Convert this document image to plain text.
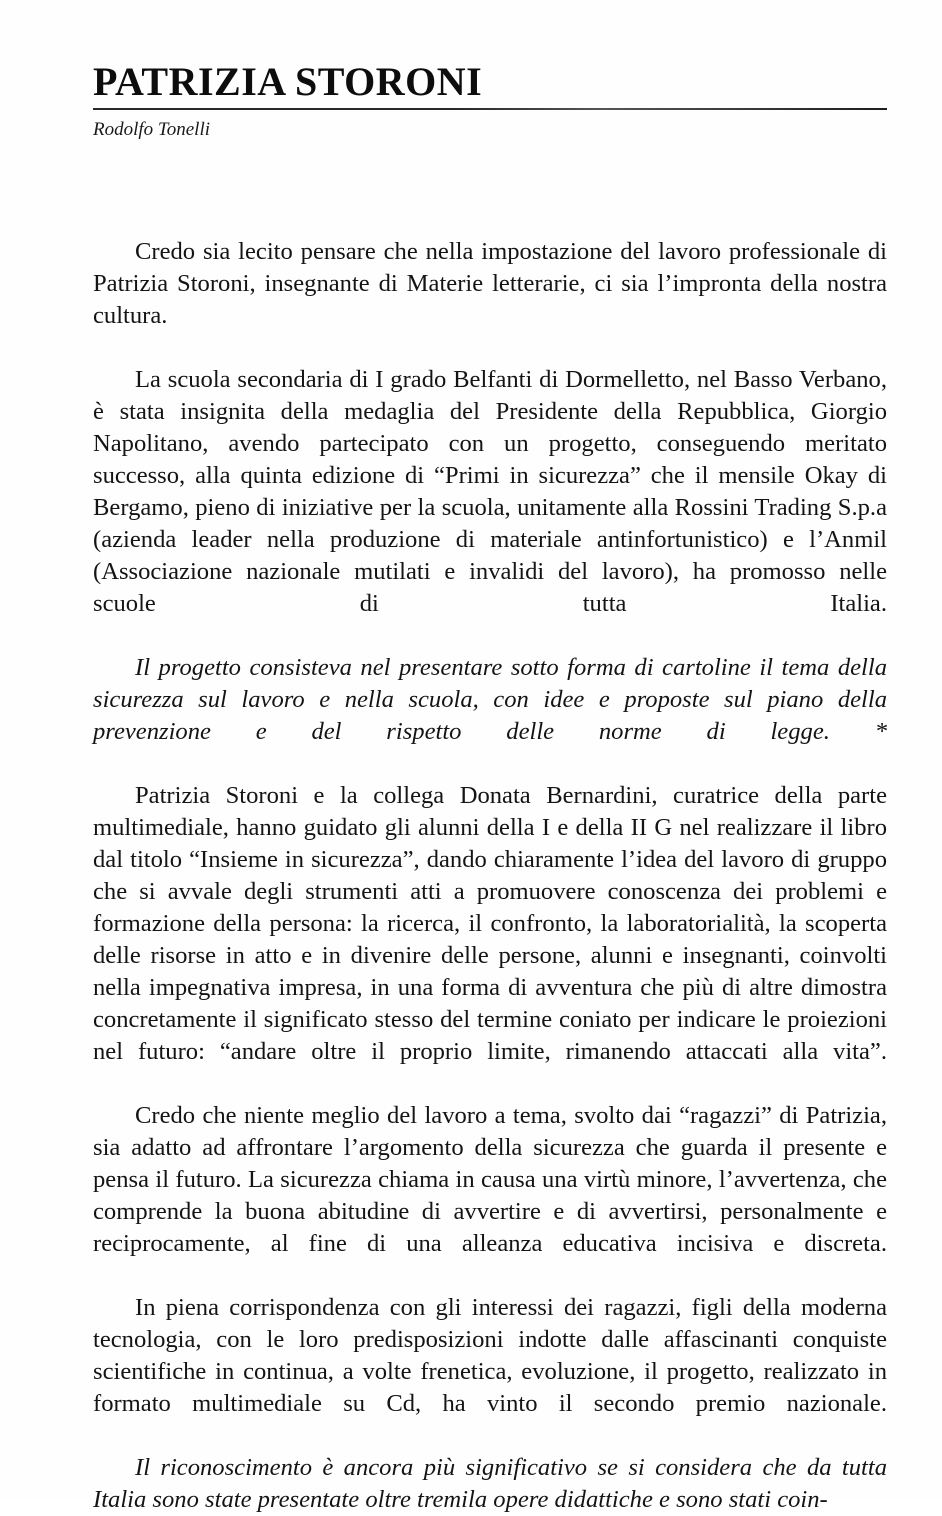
PATRIZIA STORONI

Rodolfo Tonelli

Credo sia lecito pensare che nella impostazione del lavoro professionale di Patrizia Storoni, insegnante di Materie letterarie, ci sia l’impronta della nostra cultura.

La scuola secondaria di I grado Belfanti di Dormelletto, nel Basso Verbano, è stata insignita della medaglia del Presidente della Repubblica, Giorgio Napolitano, avendo partecipato con un progetto, conseguendo meritato successo, alla quinta edizione di “Primi in sicurezza” che il mensile Okay di Bergamo, pieno di iniziative per la scuola, unitamente alla Rossini Trading S.p.a (azienda leader nella produzione di materiale antinfortunistico) e l’Anmil (Associazione nazionale mutilati e invalidi del lavoro), ha promosso nelle scuole di tutta Italia.

Il progetto consisteva nel presentare sotto forma di cartoline il tema della sicurezza sul lavoro e nella scuola, con idee e proposte sul piano della prevenzione e del rispetto delle norme di legge. *

Patrizia Storoni e la collega Donata Bernardini, curatrice della parte multimediale, hanno guidato gli alunni della I e della II G nel realizzare il libro dal titolo “Insieme in sicurezza”, dando chiaramente l’idea del lavoro di gruppo che si avvale degli strumenti atti a promuovere conoscenza dei problemi e formazione della persona: la ricerca, il confronto, la laboratorialità, la scoperta delle risorse in atto e in divenire delle persone, alunni e insegnanti, coinvolti nella impegnativa impresa, in una forma di avventura che più di altre dimostra concretamente il significato stesso del termine coniato per indicare le proiezioni nel futuro: “andare oltre il proprio limite, rimanendo attaccati alla vita”.

Credo che niente meglio del lavoro a tema, svolto dai “ragazzi” di Patrizia, sia adatto ad affrontare l’argomento della sicurezza che guarda il presente e pensa il futuro. La sicurezza chiama in causa una virtù minore, l’avvertenza, che comprende la buona abitudine di avvertire e di avvertirsi, personalmente e reciprocamente, al fine di una alleanza educativa incisiva e discreta.

In piena corrispondenza con gli interessi dei ragazzi, figli della moderna tecnologia, con le loro predisposizioni indotte dalle affascinanti conquiste scientifiche in continua, a volte frenetica, evoluzione, il progetto, realizzato in formato multimediale su Cd, ha vinto il secondo premio nazionale.

Il riconoscimento è ancora più significativo se si considera che da tutta Italia sono state presentate oltre tremila opere didattiche e sono stati coin-
